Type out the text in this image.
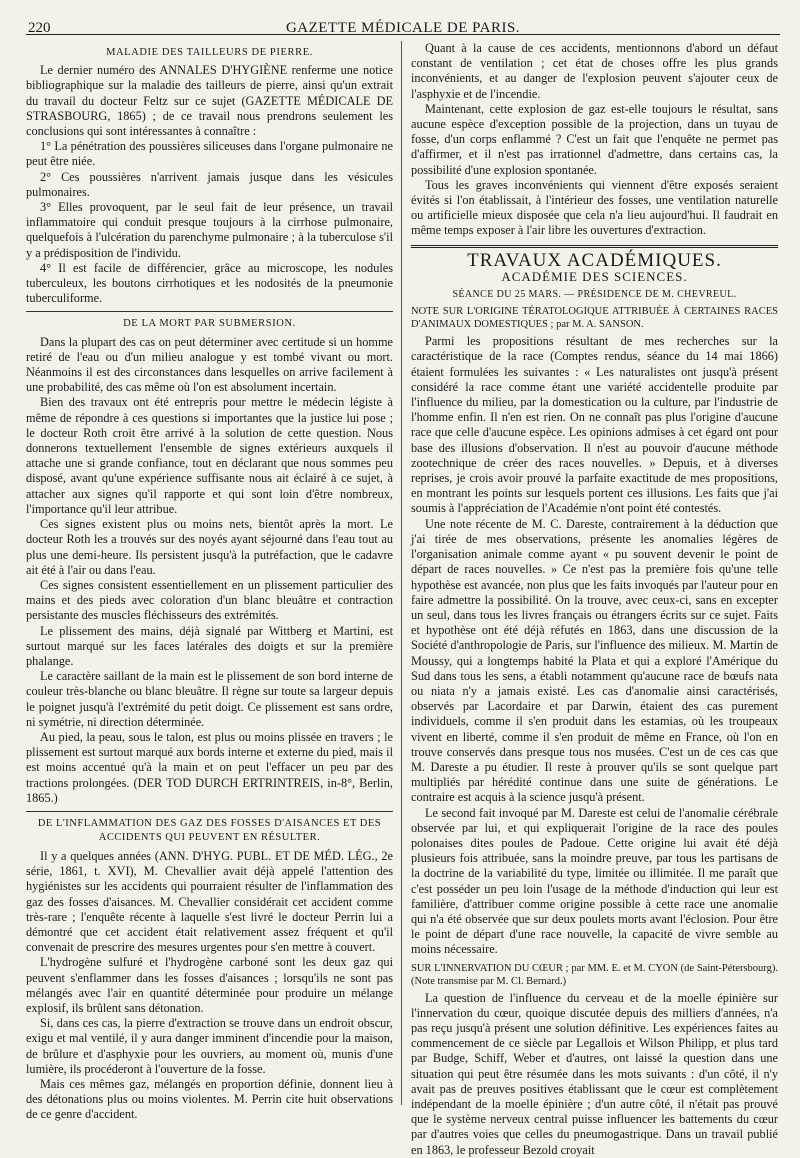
220	GAZETTE MÉDICALE DE PARIS.
MALADIE DES TAILLEURS DE PIERRE.

Le dernier numéro des ANNALES D'HYGIÈNE renferme une notice bibliographique sur la maladie des tailleurs de pierre, ainsi qu'un extrait du travail du docteur Feltz sur ce sujet (GAZETTE MÉDICALE DE STRASBOURG, 1865) ; de ce travail nous prendrons seulement les conclusions qui sont intéressantes à connaître :

1° La pénétration des poussières siliceuses dans l'organe pulmonaire ne peut être niée.

2° Ces poussières n'arrivent jamais jusque dans les vésicules pulmonaires.

3° Elles provoquent, par le seul fait de leur présence, un travail inflammatoire qui conduit presque toujours à la cirrhose pulmonaire, quelquefois à l'ulcération du parenchyme pulmonaire ; à la tuberculose s'il y a prédisposition de l'individu.

4° Il est facile de différencier, grâce au microscope, les nodules tuberculeux, les boutons cirrhotiques et les nodosités de la pneumonie tuberculiforme.

DE LA MORT PAR SUBMERSION.

Dans la plupart des cas on peut déterminer avec certitude si un homme retiré de l'eau ou d'un milieu analogue y est tombé vivant ou mort. Néanmoins il est des circonstances dans lesquelles on arrive facilement à une probabilité, des cas même où l'on est absolument incertain.

Bien des travaux ont été entrepris pour mettre le médecin légiste à même de répondre à ces questions si importantes que la justice lui pose ; le docteur Roth croit être arrivé à la solution de cette question. Nous donnerons textuellement l'ensemble de signes extérieurs auxquels il attache une si grande confiance, tout en déclarant que nous sommes peu disposé, avant qu'une expérience suffisante nous ait éclairé à ce sujet, à attacher aux signes qu'il rapporte et qui sont loin d'être nombreux, l'importance qu'il leur attribue.

Ces signes existent plus ou moins nets, bientôt après la mort. Le docteur Roth les a trouvés sur des noyés ayant séjourné dans l'eau tout au plus une demi-heure. Ils persistent jusqu'à la putréfaction, que le cadavre ait été à l'air ou dans l'eau.

Ces signes consistent essentiellement en un plissement particulier des mains et des pieds avec coloration d'un blanc bleuâtre et contraction persistante des muscles fléchisseurs des extrémités.

Le plissement des mains, déjà signalé par Wittberg et Martini, est surtout marqué sur les faces latérales des doigts et sur la première phalange.

Le caractère saillant de la main est le plissement de son bord interne de couleur très-blanche ou blanc bleuâtre. Il règne sur toute sa largeur depuis le poignet jusqu'à l'extrémité du petit doigt. Ce plissement est sans ordre, ni symétrie, ni direction déterminée.

Au pied, la peau, sous le talon, est plus ou moins plissée en travers ; le plissement est surtout marqué aux bords interne et externe du pied, mais il est moins accentué qu'à la main et on peut l'effacer un peu par des tractions prolongées. (DER TOD DURCH ERTRINTREIS, in-8°, Berlin, 1865.)

DE L'INFLAMMATION DES GAZ DES FOSSES D'AISANCES ET DES ACCIDENTS QUI PEUVENT EN RÉSULTER.

Il y a quelques années (ANN. D'HYG. PUBL. ET DE MÉD. LÉG., 2e série, 1861, t. XVI), M. Chevallier avait déjà appelé l'attention des hygiénistes sur les accidents qui pourraient résulter de l'inflammation des gaz des fosses d'aisances. M. Chevallier considérait cet accident comme très-rare ; l'enquête récente à laquelle s'est livré le docteur Perrin lui a démontré que cet accident était relativement assez fréquent et qu'il convenait de prescrire des mesures urgentes pour s'en mettre à couvert.

L'hydrogène sulfuré et l'hydrogène carboné sont les deux gaz qui peuvent s'enflammer dans les fosses d'aisances ; lorsqu'ils ne sont pas mélangés avec l'air en quantité déterminée pour produire un mélange explosif, ils brûlent sans détonation.

Si, dans ces cas, la pierre d'extraction se trouve dans un endroit obscur, exigu et mal ventilé, il y aura danger imminent d'incendie pour la maison, de brûlure et d'asphyxie pour les ouvriers, au moment où, munis d'une lumière, ils procéderont à l'ouverture de la fosse.

Mais ces mêmes gaz, mélangés en proportion définie, donnent lieu à des détonations plus ou moins violentes. M. Perrin cite huit observations de ce genre d'accident.

Quant à la cause de ces accidents, mentionnons d'abord un défaut constant de ventilation ; cet état de choses offre les plus grands inconvénients, et au danger de l'explosion peuvent s'ajouter ceux de l'asphyxie et de l'incendie.

Maintenant, cette explosion de gaz est-elle toujours le résultat, sans aucune espèce d'exception possible de la projection, dans un tuyau de fosse, d'un corps enflammé ? C'est un fait que l'enquête ne permet pas d'affirmer, et il n'est pas irrationnel d'admettre, dans certains cas, la possibilité d'une explosion spontanée.

Tous les graves inconvénients qui viennent d'être exposés seraient évités si l'on établissait, à l'intérieur des fosses, une ventilation naturelle ou artificielle mieux disposée que cela n'a lieu aujourd'hui. Il faudrait en même temps exposer à l'air libre les ouvertures d'extraction.

TRAVAUX ACADÉMIQUES.
ACADÉMIE DES SCIENCES.
SÉANCE DU 25 MARS. — PRÉSIDENCE DE M. CHEVREUL.

NOTE SUR L'ORIGINE TÉRATOLOGIQUE ATTRIBUÉE À CERTAINES RACES D'ANIMAUX DOMESTIQUES ; par M. A. SANSON.

Parmi les propositions résultant de mes recherches sur la caractéristique de la race (Comptes rendus, séance du 14 mai 1866) étaient formulées les suivantes : « Les naturalistes ont jusqu'à présent considéré la race comme étant une variété accidentelle produite par l'influence du milieu, par la domestication ou la culture, par l'industrie de l'homme enfin. Il n'en est rien. On ne connaît pas plus l'origine d'aucune race que celle d'aucune espèce. Les opinions admises à cet égard ont pour base des illusions d'observation. Il n'est au pouvoir d'aucune méthode zootechnique de créer des races nouvelles. » Depuis, et à diverses reprises, je crois avoir prouvé la parfaite exactitude de mes propositions, en montrant les points sur lesquels portent ces illusions. Les faits que j'ai soumis à l'appréciation de l'Académie n'ont point été contestés.

Une note récente de M. C. Dareste, contrairement à la déduction que j'ai tirée de mes observations, présente les anomalies légères de l'organisation animale comme ayant « pu souvent devenir le point de départ de races nouvelles. » Ce n'est pas la première fois qu'une telle hypothèse est avancée, non plus que les faits invoqués par l'auteur pour en faire admettre la possibilité. On la trouve, avec ceux-ci, sans en excepter un seul, dans tous les livres français ou étrangers écrits sur ce sujet. Faits et hypothèse ont été déjà réfutés en 1863, dans une discussion de la Société d'anthropologie de Paris, sur l'influence des milieux. M. Martin de Moussy, qui a longtemps habité la Plata et qui a exploré l'Amérique du Sud dans tous les sens, a établi notamment qu'aucune race de bœufs nata ou niata n'y a jamais existé. Les cas d'anomalie ainsi caractérisés, observés par Lacordaire et par Darwin, étaient des cas purement individuels, comme il s'en produit dans les estamias, où les troupeaux vivent en liberté, comme il s'en produit de même en France, où l'on en trouve conservés dans presque tous nos musées. C'est un de ces cas que M. Dareste a pu étudier. Il reste à prouver qu'ils se sont quelque part multipliés par hérédité continue dans une suite de générations. Le contraire est acquis à la science jusqu'à présent.

Le second fait invoqué par M. Dareste est celui de l'anomalie cérébrale observée par lui, et qui expliquerait l'origine de la race des poules polonaises dites poules de Padoue. Cette origine lui avait été déjà plusieurs fois attribuée, sans la moindre preuve, par tous les partisans de la doctrine de la variabilité du type, limitée ou illimitée. Il me paraît que c'est posséder un peu loin l'usage de la méthode d'induction qui leur est familière, d'attribuer comme origine possible à cette race une anomalie qui n'a été observée que sur deux poulets morts avant l'éclosion. Pour être le point de départ d'une race nouvelle, la capacité de vivre semble au moins nécessaire.

SUR L'INNERVATION DU CŒUR ; par MM. E. et M. CYON (de Saint-Pétersbourg). (Note transmise par M. Cl. Bernard.)

La question de l'influence du cerveau et de la moelle épinière sur l'innervation du cœur, quoique discutée depuis des milliers d'années, n'a pas reçu jusqu'à présent une solution définitive. Les expériences faites au commencement de ce siècle par Legallois et Wilson Philipp, et plus tard par Budge, Schiff, Weber et d'autres, ont laissé la question dans une situation qui peut être résumée dans les mots suivants : d'un côté, il n'y avait pas de preuves positives établissant que le cœur est complètement indépendant de la moelle épinière ; d'un autre côté, il n'était pas prouvé que le système nerveux central puisse influencer les battements du cœur par d'autres voies que celles du pneumogastrique. Dans un travail publié en 1863, le professeur Bezold croyait
